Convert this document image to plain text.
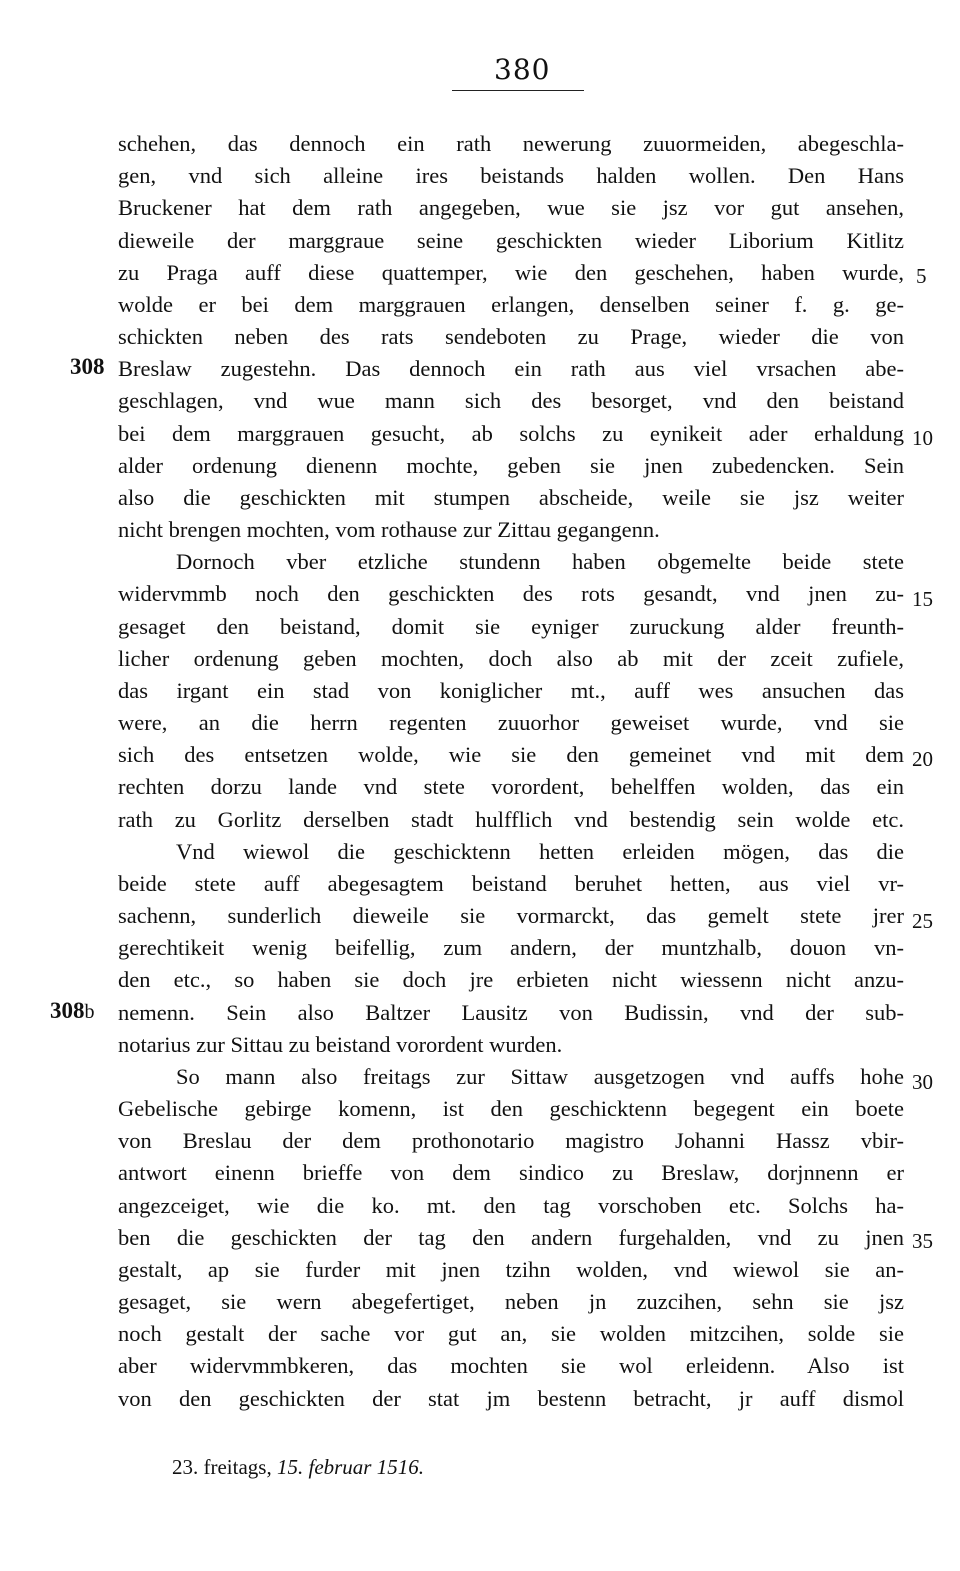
380
schehen, das dennoch ein rath newerung zuuormeiden, abegeschla-
gen, vnd sich alleine ires beistands halden wollen. Den Hans
Bruckener hat dem rath angegeben, wue sie jsz vor gut ansehen,
dieweile der marggraue seine geschickten wieder Liborium Kitlitz
zu Praga auff diese quattemper, wie den geschehen, haben wurde,
wolde er bei dem marggrauen erlangen, denselben seiner f. g. ge-
schickten neben des rats sendeboten zu Prage, wieder die von
Breslaw zugestehn. Das dennoch ein rath aus viel vrsachen abe-
geschlagen, vnd wue mann sich des besorget, vnd den beistand
bei dem marggrauen gesucht, ab solchs zu eynikeit ader erhaldung
alder ordenung dienenn mochte, geben sie jnen zubedencken. Sein
also die geschickten mit stumpen abscheide, weile sie jsz weiter
nicht brengen mochten, vom rothause zur Zittau gegangenn.
Dornoch vber etzliche stundenn haben obgemelte beide stete
widervmmb noch den geschickten des rots gesandt, vnd jnen zu-
gesaget den beistand, domit sie eyniger zuruckung alder freunth-
licher ordenung geben mochten, doch also ab mit der zceit zufiele,
das irgant ein stad von koniglicher mt., auff wes ansuchen das
were, an die herrn regenten zuuorhor geweiset wurde, vnd sie
sich des entsetzen wolde, wie sie den gemeinet vnd mit dem
rechten dorzu lande vnd stete vorordent, behelffen wolden, das ein
rath zu Gorlitz derselben stadt hulfflich vnd bestendig sein wolde etc.
Vnd wiewol die geschicktenn hetten erleiden mögen, das die
beide stete auff abegesagtem beistand beruhet hetten, aus viel vr-
sachenn, sunderlich dieweile sie vormarckt, das gemelt stete jrer
gerechtikeit wenig beifellig, zum andern, der muntzhalb, douon vn-
den etc., so haben sie doch jre erbieten nicht wiessenn nicht anzu-
nemenn. Sein also Baltzer Lausitz von Budissin, vnd der sub-
notarius zur Sittau zu beistand vorordent wurden.
So mann also freitags zur Sittaw ausgetzogen vnd auffs hohe
Gebelische gebirge komenn, ist den geschicktenn begegent ein boete
von Breslau der dem prothonotario magistro Johanni Hassz vbir-
antwort einenn brieffe von dem sindico zu Breslaw, dorjnnenn er
angezceiget, wie die ko. mt. den tag vorschoben etc. Solchs ha-
ben die geschickten der tag den andern furgehalden, vnd zu jnen
gestalt, ap sie furder mit jnen tzihn wolden, vnd wiewol sie an-
gesaget, sie wern abegefertiget, neben jn zuzcihen, sehn sie jsz
noch gestalt der sache vor gut an, sie wolden mitzcihen, solde sie
aber widervmmbkeren, das mochten sie wol erleidenn. Also ist
von den geschickten der stat jm bestenn betracht, jr auff dismol
5
10
15
20
25
30
35
308
308b
23. freitags, 15. februar 1516.
